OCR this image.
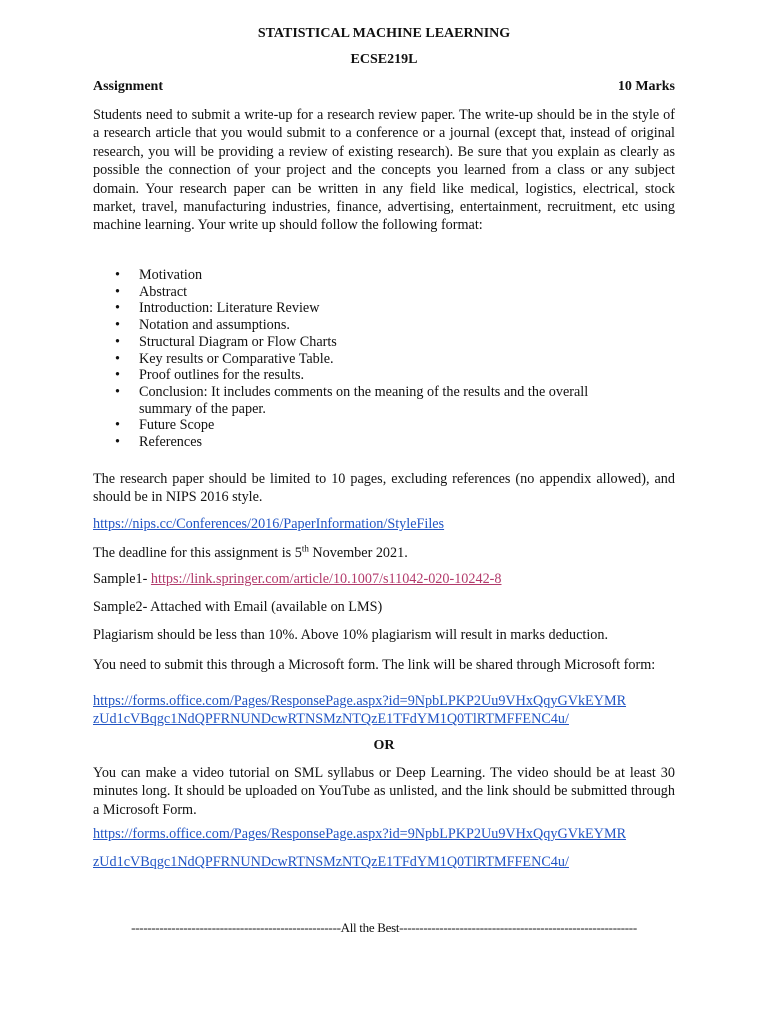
STATISTICAL MACHINE LEAERNING
ECSE219L
Assignment	10 Marks
Students need to submit a write-up for a research review paper. The write-up should be in the style of a research article that you would submit to a conference or a journal (except that, instead of original research, you will be providing a review of existing research). Be sure that you explain as clearly as possible the connection of your project and the concepts you learned from a class or any subject domain. Your research paper can be written in any field like medical, logistics, electrical, stock market, travel, manufacturing industries, finance, advertising, entertainment, recruitment, etc using machine learning. Your write up should follow the following format:
• Motivation
• Abstract
• Introduction: Literature Review
• Notation and assumptions.
• Structural Diagram or Flow Charts
• Key results or Comparative Table.
• Proof outlines for the results.
• Conclusion: It includes comments on the meaning of the results and the overall summary of the paper.
• Future Scope
• References
The research paper should be limited to 10 pages, excluding references (no appendix allowed), and should be in NIPS 2016 style.
https://nips.cc/Conferences/2016/PaperInformation/StyleFiles
The deadline for this assignment is 5th November 2021.
Sample1- https://link.springer.com/article/10.1007/s11042-020-10242-8
Sample2- Attached with Email (available on LMS)
Plagiarism should be less than 10%. Above 10% plagiarism will result in marks deduction.
You need to submit this through a Microsoft form. The link will be shared through Microsoft form:
https://forms.office.com/Pages/ResponsePage.aspx?id=9NpbLPKP2Uu9VHxQqyGVkEYMR
zUd1cVBqgc1NdQPFRNUNDcwRTNSMzNTQzE1TFdYM1Q0TlRTMFFENC4u/
OR
You can make a video tutorial on SML syllabus or Deep Learning. The video should be at least 30 minutes long. It should be uploaded on YouTube as unlisted, and the link should be submitted through a Microsoft Form.
https://forms.office.com/Pages/ResponsePage.aspx?id=9NpbLPKP2Uu9VHxQqyGVkEYMR
zUd1cVBqgc1NdQPFRNUNDcwRTNSMzNTQzE1TFdYM1Q0TlRTMFFENC4u/
----------------------------------------------------All the Best-----------------------------------------------------------
